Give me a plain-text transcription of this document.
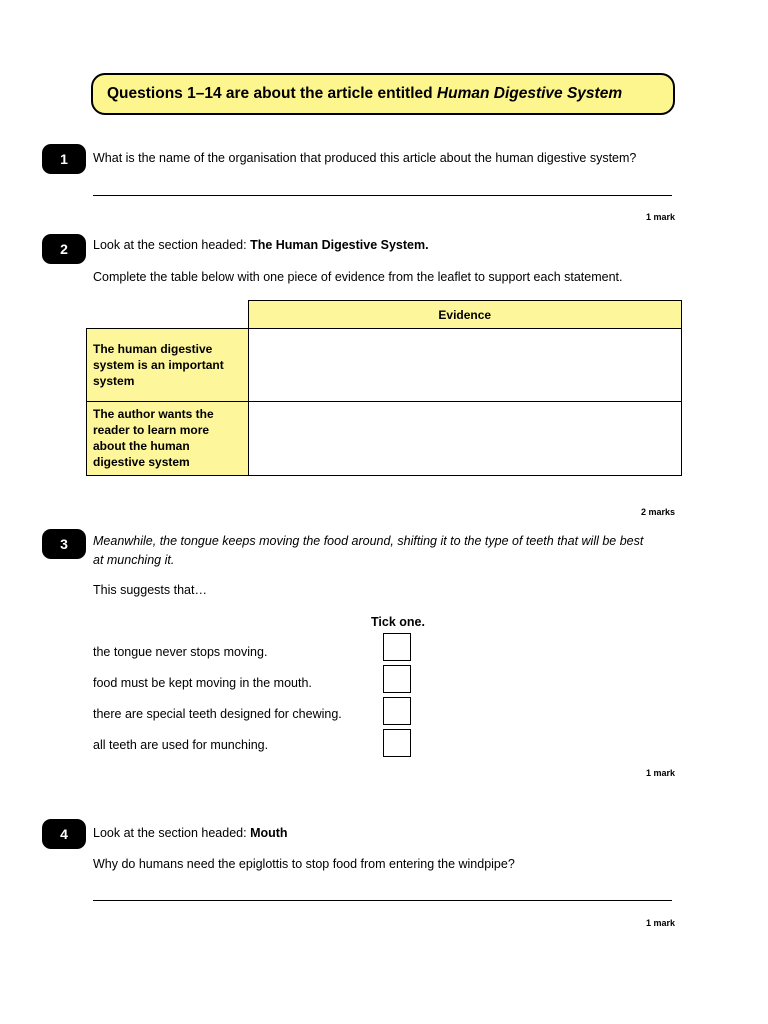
Questions 1–14 are about the article entitled Human Digestive System
1	What is the name of the organisation that produced this article about the human digestive system?
1 mark
2	Look at the section headed: The Human Digestive System.
Complete the table below with one piece of evidence from the leaflet to support each statement.
	Evidence
The human digestive system is an important system	
The author wants the reader to learn more about the human digestive system	
2 marks
3	Meanwhile, the tongue keeps moving the food around, shifting it to the type of teeth that will be best
at munching it.
This suggests that…
Tick one.
the tongue never stops moving.
food must be kept moving in the mouth.
there are special teeth designed for chewing.
all teeth are used for munching.
1 mark
4	Look at the section headed: Mouth
Why do humans need the epiglottis to stop food from entering the windpipe?
1 mark
